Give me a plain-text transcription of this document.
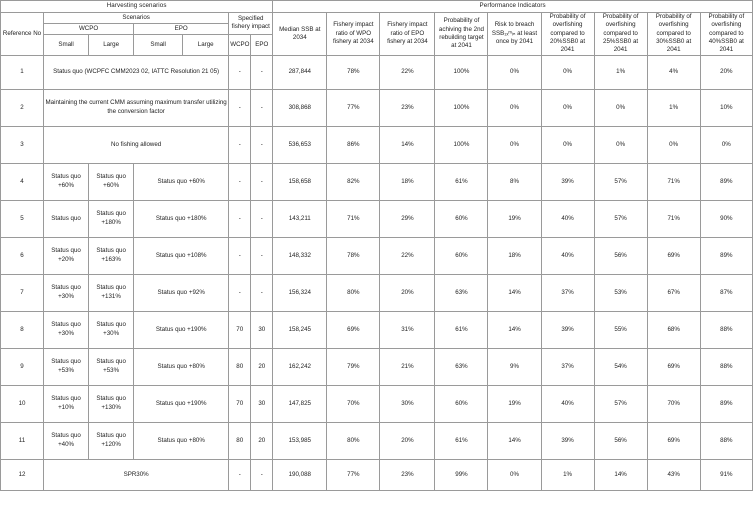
Harvesting scenarios							Performance Indicators								
Reference No	Scenarios				Specified fishery impact		Median SSB at 2034	Fishery impact ratio of WPO fishery at 2034	Fishery impact ratio of EPO fishery at 2034	Probability of achiving the 2nd rebuilding target at 2041	Risk to breach SSB₁ₓᵐᵢₙ at least once by 2041	Probability of overfishing compared to 20%SSB0 at 2041	Probability of overfishing compared to 25%SSB0 at 2041	Probability of overfishing compared to 30%SSB0 at 2041	Probability of overfishing compared to 40%SSB0 at 2041
	WCPO		EPO												
	Small	Large	Small	Large	WCPO	EPO									
1	Status quo (WCPFC CMM2023 02, IATTC Resolution 21 05)				-	-	287,844	78%	22%	100%	0%	0%	1%	4%	20%
2	Maintaining the current CMM assuming maximum transfer utilizing the conversion factor				-	-	308,868	77%	23%	100%	0%	0%	0%	1%	10%
3	No fishing allowed				-	-	536,653	86%	14%	100%	0%	0%	0%	0%	0%
4	Status quo +60%	Status quo +60%	Status quo +60%		-	-	158,658	82%	18%	61%	8%	39%	57%	71%	89%
5	Status quo	Status quo +180%	Status quo +180%		-	-	143,211	71%	29%	60%	19%	40%	57%	71%	90%
6	Status quo +20%	Status quo +163%	Status quo +108%		-	-	148,332	78%	22%	60%	18%	40%	56%	69%	89%
7	Status quo +30%	Status quo +131%	Status quo +92%		-	-	156,324	80%	20%	63%	14%	37%	53%	67%	87%
8	Status quo +30%	Status quo +30%	Status quo +190%		70	30	158,245	69%	31%	61%	14%	39%	55%	68%	88%
9	Status quo +53%	Status quo +53%	Status quo +80%		80	20	162,242	79%	21%	63%	9%	37%	54%	69%	88%
10	Status quo +10%	Status quo +130%	Status quo +190%		70	30	147,825	70%	30%	60%	19%	40%	57%	70%	89%
11	Status quo +40%	Status quo +120%	Status quo +80%		80	20	153,985	80%	20%	61%	14%	39%	56%	69%	88%
12	SPR30%				-	-	190,088	77%	23%	99%	0%	1%	14%	43%	91%
